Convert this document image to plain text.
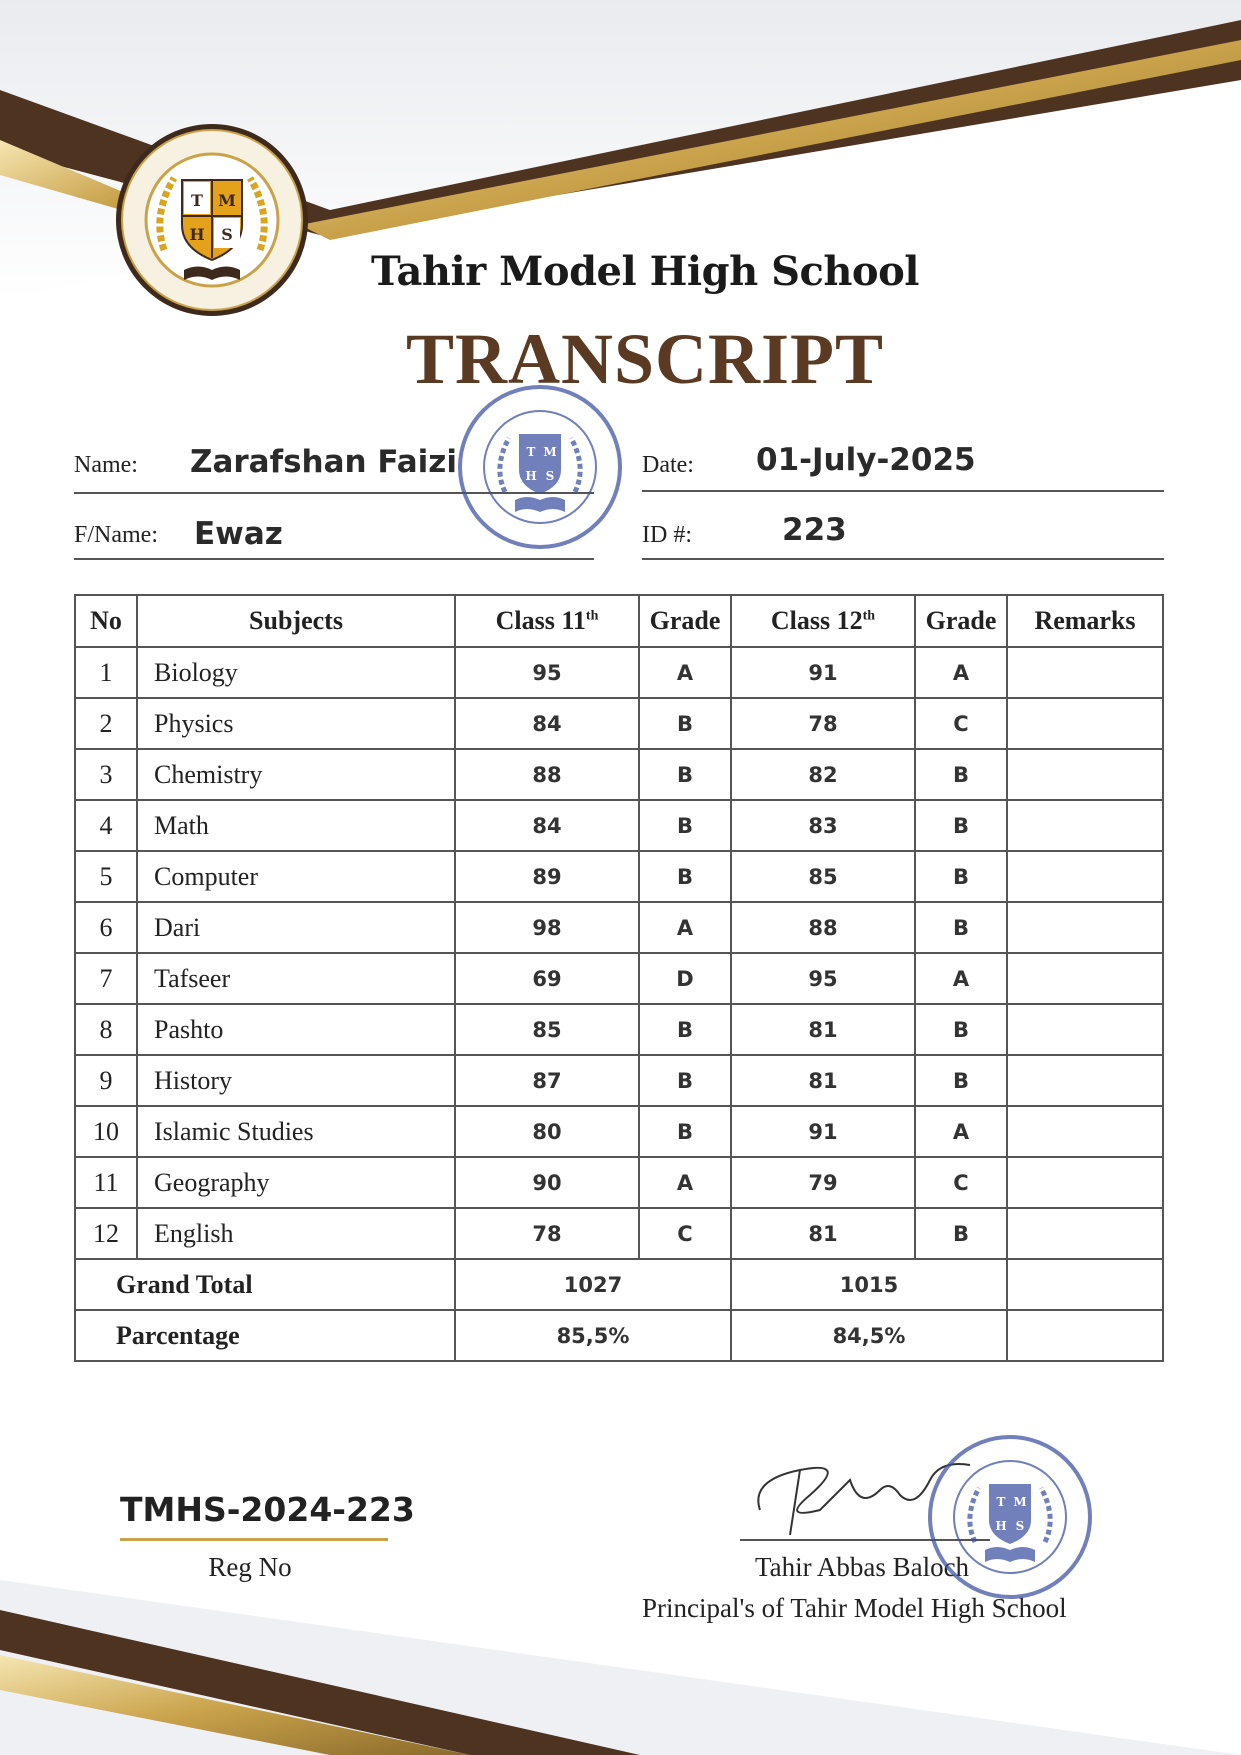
T M
H S
Tahir Model High School
TRANSCRIPT
Name: Zarafshan Faizi	Date: 01-July-2025
F/Name: Ewaz	ID #:	223
No	Subjects	Class 11th	Grade	Class 12th	Grade	Remarks
1	Biology	95	A	91	A	
2	Physics	84	B	78	C	
3	Chemistry	88	B	82	B	
4	Math	84	B	83	B	
5	Computer	89	B	85	B	
6	Dari	98	A	88	B	
7	Tafseer	69	D	95	A	
8	Pashto	85	B	81	B	
9	History	87	B	81	B	
10	Islamic Studies	80	B	91	A	
11	Geography	90	A	79	C	
12	English	78	C	81	B	
Grand Total		1027		1015		
Parcentage		85,5%		84,5%		
T M
H S
TMHS-2024-223
Reg No	Tahir Abbas Baloch
Principal's of Tahir Model High School
T M
H S
